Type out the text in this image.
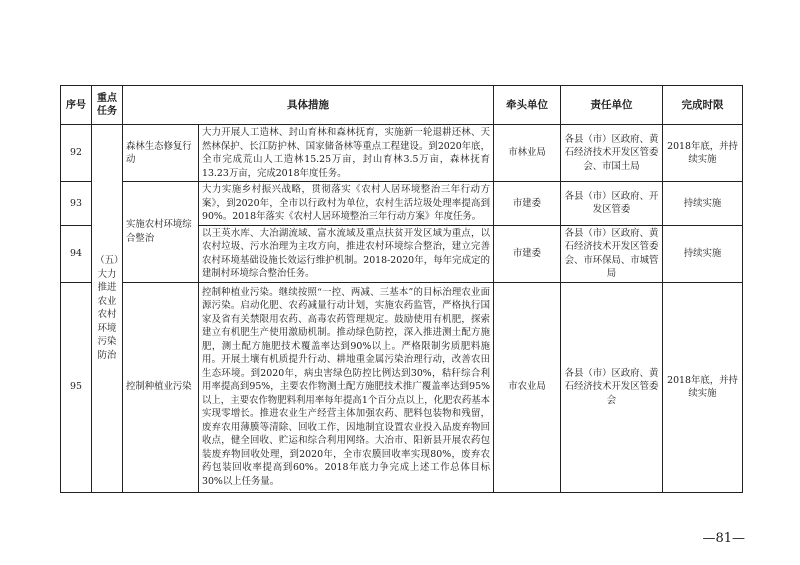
序号	重点任务	具体措施		牵头单位	责任单位	完成时限
92	（五）大力推进农业农村环境污染防治	森林生态修复行动	大力开展人工造林、封山育林和森林抚育，实施新一轮退耕还林、天然林保护、长江防护林、国家储备林等重点工程建设。到2020年底，全市完成荒山人工造林15.25万亩，封山育林3.5万亩，森林抚育13.23万亩，完成2018年度任务。	市林业局	各县（市）区政府、黄石经济技术开发区管委会、市国土局	2018年底，并持续实施
93		实施农村环境综合整治	大力实施乡村振兴战略，贯彻落实《农村人居环境整治三年行动方案》，到2020年，全市以行政村为单位，农村生活垃圾处理率提高到90%。2018年落实《农村人居环境整治三年行动方案》年度任务。	市建委	各县（市）区政府、开发区管委	持续实施
94			以王英水库、大冶湖流域、富水流域及重点扶贫开发区域为重点，以农村垃圾、污水治理为主攻方向，推进农村环境综合整治，建立完善农村环境基础设施长效运行维护机制。2018-2020年，每年完成定的建制村环境综合整治任务。	市建委	各县（市）区政府、黄石经济技术开发区管委会、市环保局、市城管局	持续实施
95		控制种植业污染	控制种植业污染。继续按照“一控、两减、三基本”的目标治理农业面源污染。启动化肥、农药减量行动计划，实施农药监管，严格执行国家及省有关禁限用农药、高毒农药管理规定。鼓励使用有机肥，探索建立有机肥生产使用激励机制。推动绿色防控，深入推进测土配方施肥，测土配方施肥技术覆盖率达到90%以上。严格限制劣质肥料施用。开展土壤有机质提升行动、耕地重金属污染治理行动，改善农田生态环境。到2020年，病虫害绿色防控比例达到30%，秸秆综合利用率提高到95%，主要农作物测土配方施肥技术推广覆盖率达到95%以上，主要农作物肥料利用率每年提高1个百分点以上，化肥农药基本实现零增长。推进农业生产经营主体加强农药、肥料包装物和残留，废弃农用薄膜等清除、回收工作，因地制宜设置农业投入品废弃物回收点，健全回收、贮运和综合利用网络。大冶市、阳新县开展农药包装废弃物回收处理，到2020年，全市农膜回收率实现80%，废弃农药包装回收率提高到60%。2018年底力争完成上述工作总体目标30%以上任务量。	市农业局	各县（市）区政府、黄石经济技术开发区管委会	2018年底，并持续实施
—81—
